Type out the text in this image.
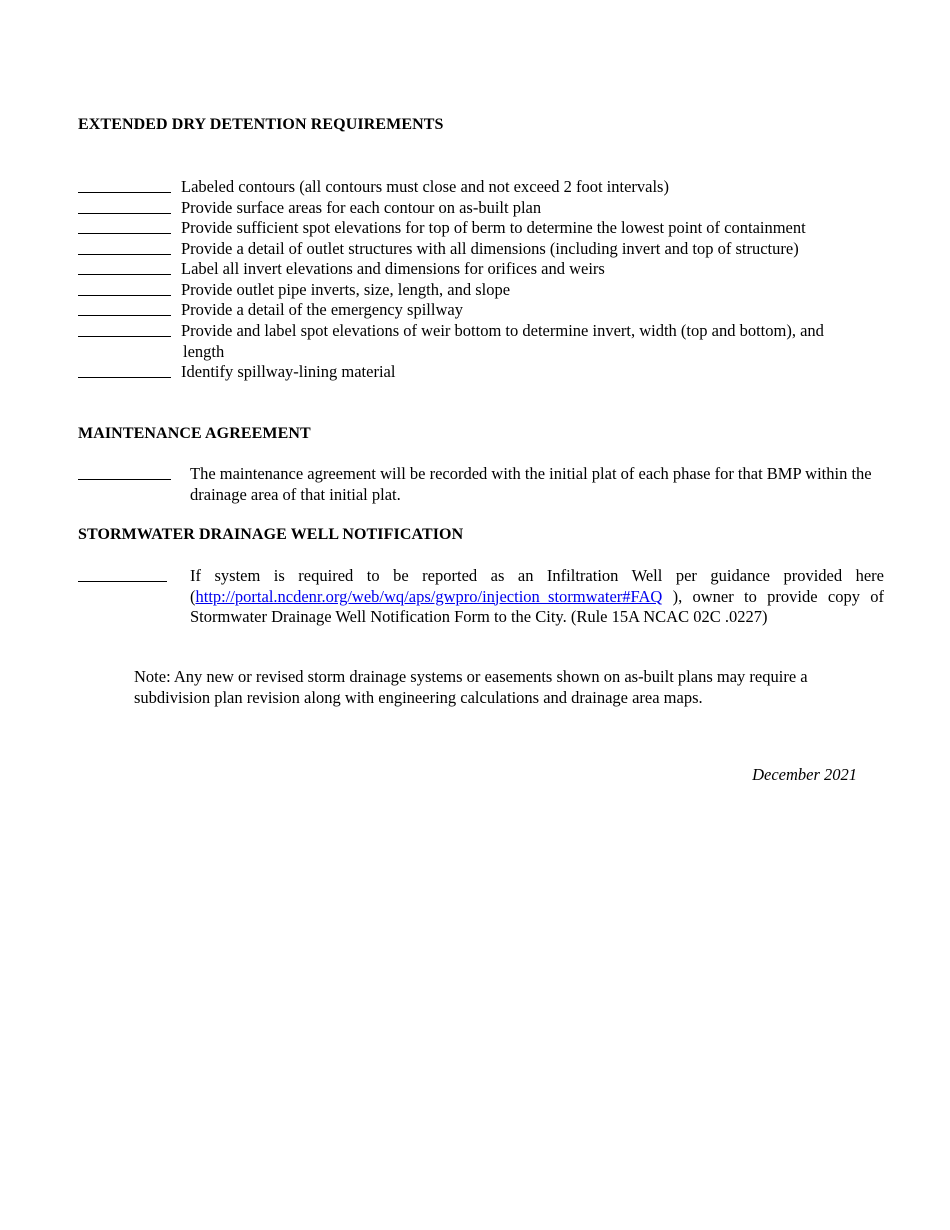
EXTENDED DRY DETENTION REQUIREMENTS
Labeled contours (all contours must close and not exceed 2 foot intervals)
Provide surface areas for each contour on as-built plan
Provide sufficient spot elevations for top of berm to determine the lowest point of containment
Provide a detail of outlet structures with all dimensions (including invert and top of structure)
Label all invert elevations and dimensions for orifices and weirs
Provide outlet pipe inverts, size, length, and slope
Provide a detail of the emergency spillway
Provide and label spot elevations of weir bottom to determine invert, width (top and bottom), and
length
Identify spillway-lining material
MAINTENANCE AGREEMENT
The maintenance agreement will be recorded with the initial plat of each phase for that BMP within the drainage area of that initial plat.
STORMWATER DRAINAGE WELL NOTIFICATION
If system is required to be reported as an Infiltration Well per guidance provided here (http://portal.ncdenr.org/web/wq/aps/gwpro/injection_stormwater#FAQ ), owner to provide copy of Stormwater Drainage Well Notification Form to the City. (Rule 15A NCAC 02C .0227)

Note: Any new or revised storm drainage systems or easements shown on as-built plans may require a subdivision plan revision along with engineering calculations and drainage area maps.

December 2021
